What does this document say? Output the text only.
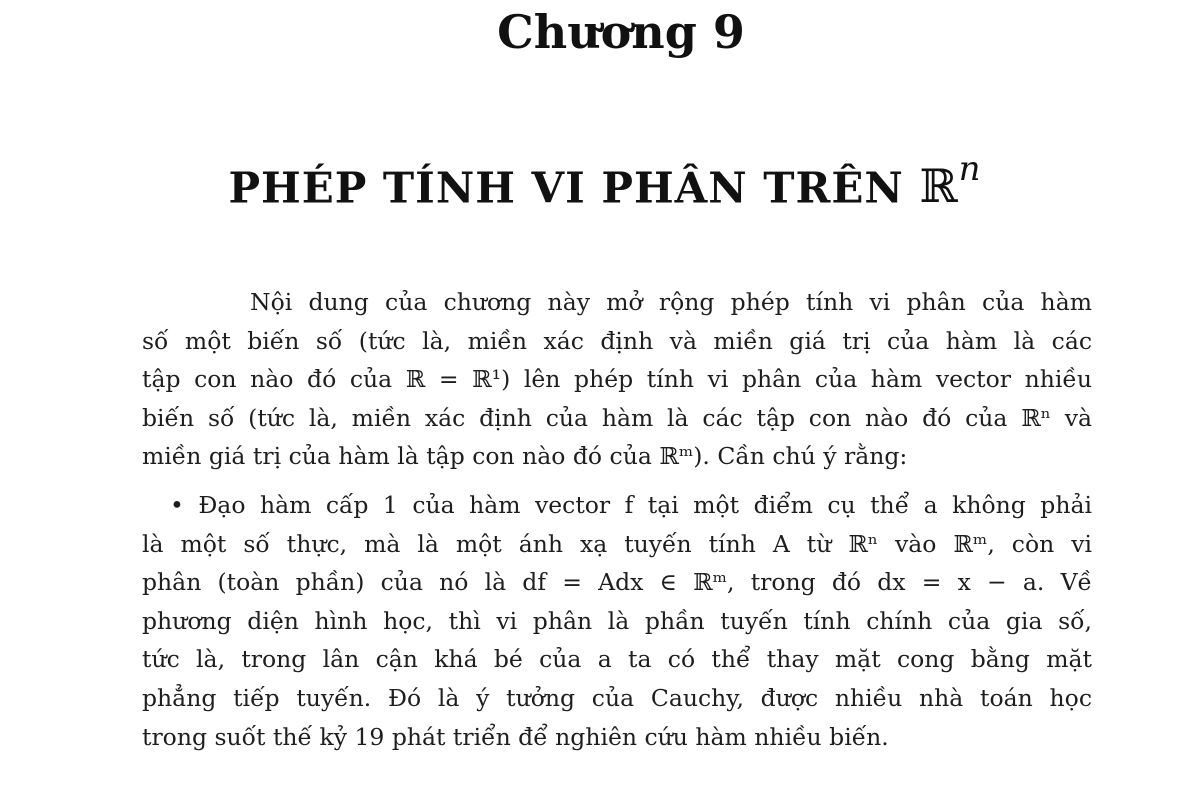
Chương 9
PHÉP TÍNH VI PHÂN TRÊN ℝ$^n$

Nội dung của chương này mở rộng phép tính vi phân của hàm
số một biến số (tức là, miền xác định và miền giá trị của hàm là các
tập con nào đó của ℝ = ℝ¹) lên phép tính vi phân của hàm vector nhiều
biến số (tức là, miền xác định của hàm là các tập con nào đó của ℝⁿ và
miền giá trị của hàm là tập con nào đó của ℝᵐ). Cần chú ý rằng:

• Đạo hàm cấp 1 của hàm vector f tại một điểm cụ thể a không phải
là một số thực, mà là một ánh xạ tuyến tính A từ ℝⁿ vào ℝᵐ, còn vi
phân (toàn phần) của nó là df = Adx ∈ ℝᵐ, trong đó dx = x − a. Về
phương diện hình học, thì vi phân là phần tuyến tính chính của gia số,
tức là, trong lân cận khá bé của a ta có thể thay mặt cong bằng mặt
phẳng tiếp tuyến. Đó là ý tưởng của Cauchy, được nhiều nhà toán học
trong suốt thế kỷ 19 phát triển để nghiên cứu hàm nhiều biến.
